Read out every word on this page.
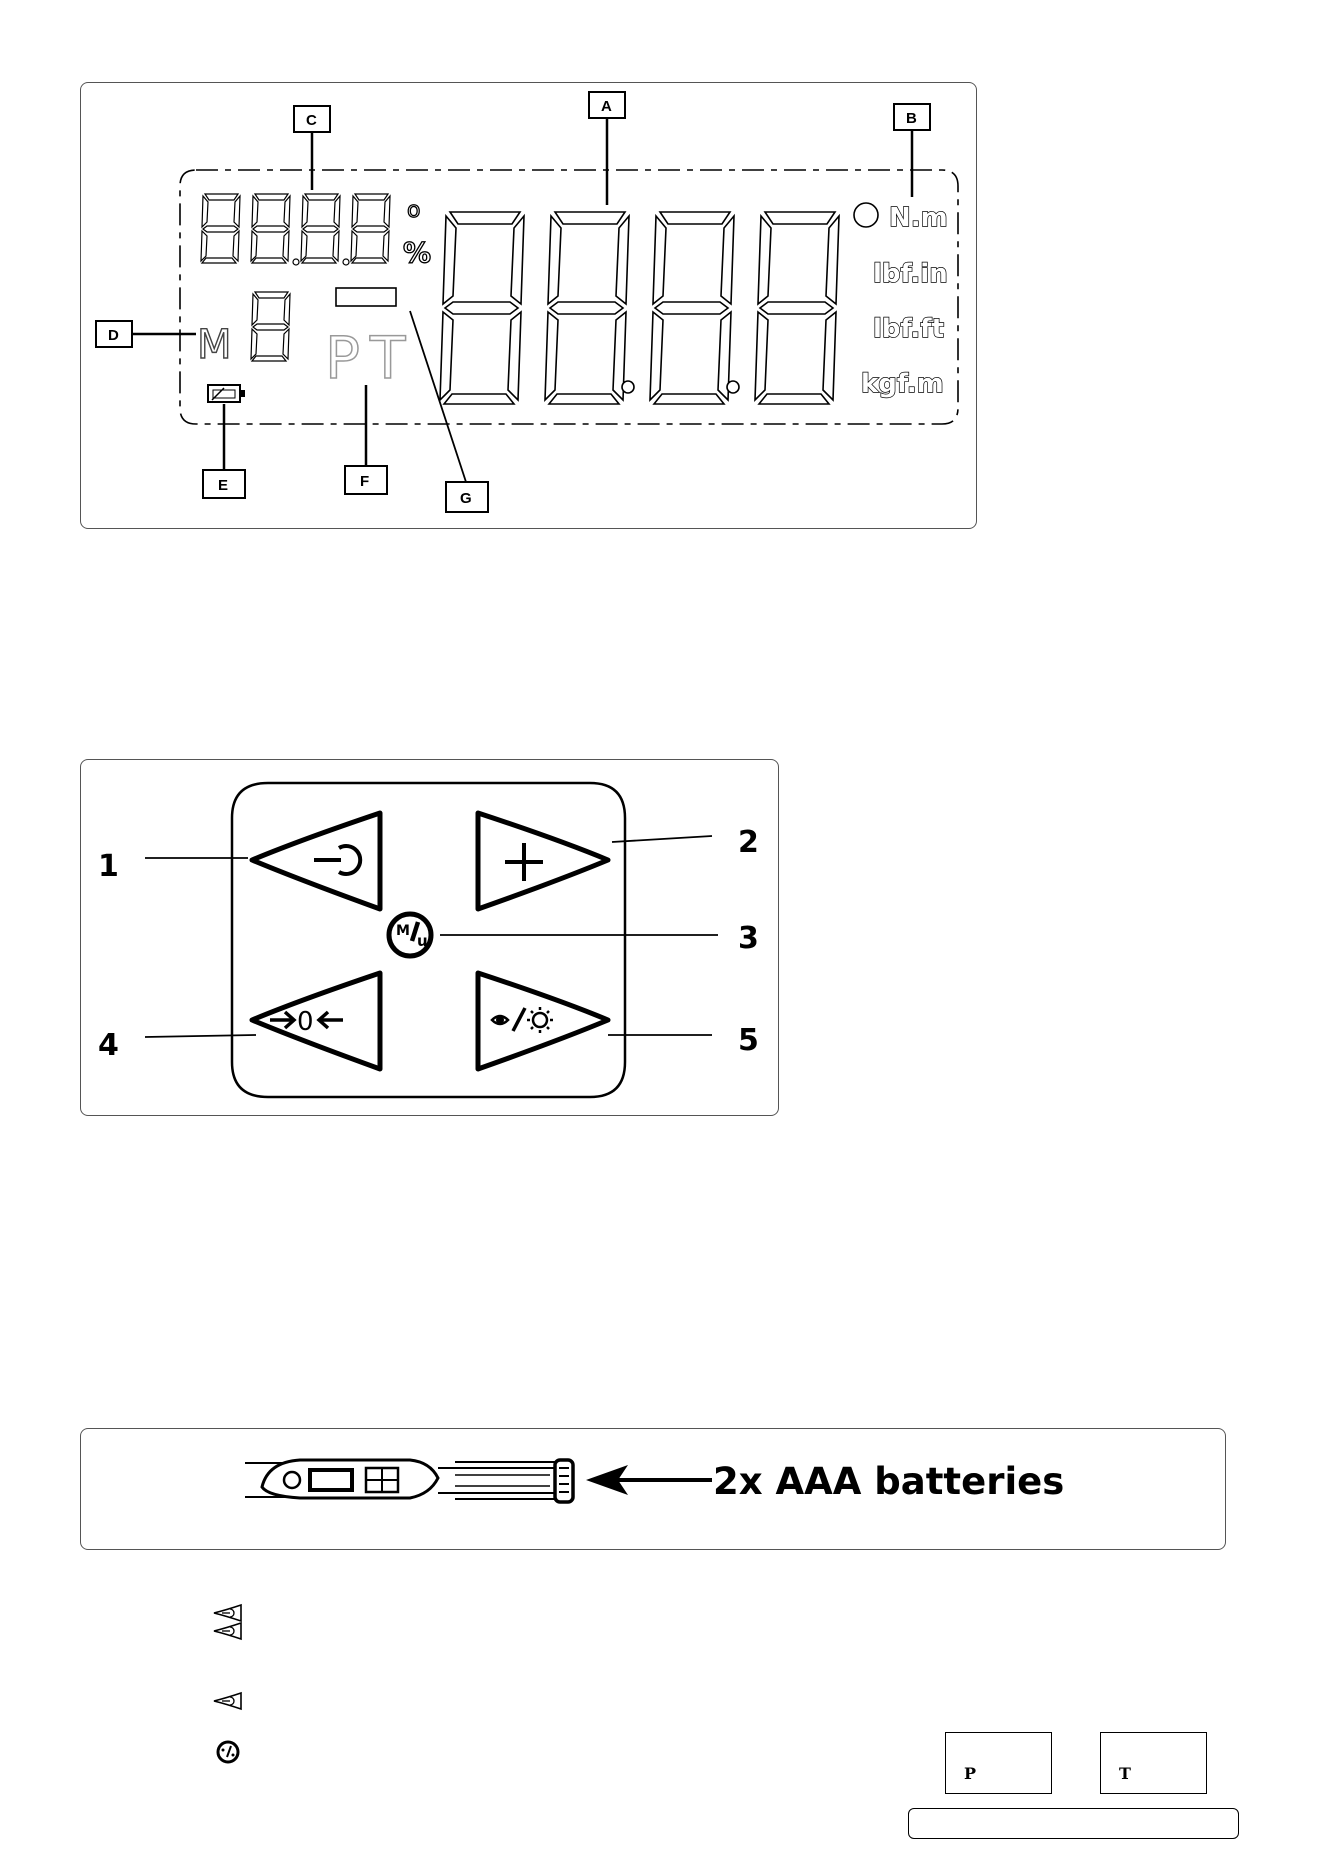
o
%
M P T
N.m
lbf.in
lbf.ft
kgf.m
A
B
C
D
E	F
G
M
u
0
1
2
3
4	5
2x AAA batteries
P	T
